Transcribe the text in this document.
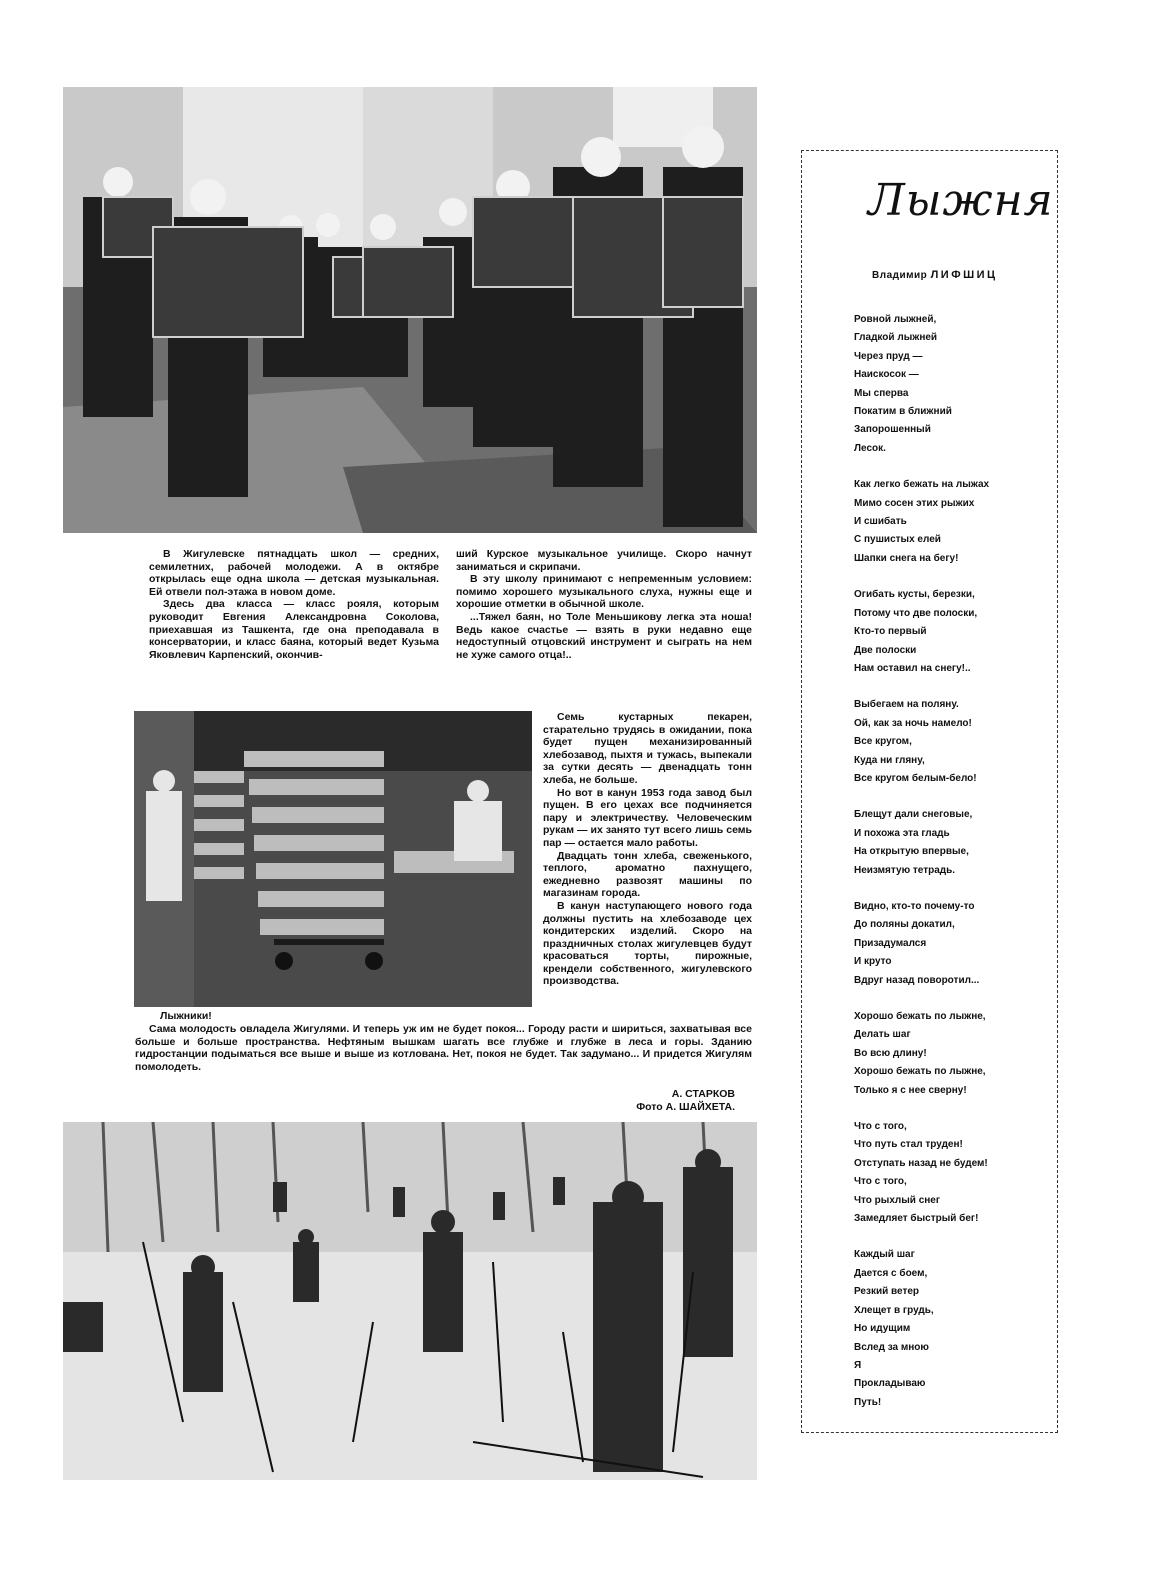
В Жигулевске пятнадцать школ — средних, семилетних, рабочей молодежи. А в октябре открылась еще одна школа — детская музыкальная. Ей отвели пол-этажа в новом доме.

Здесь два класса — класс рояля, которым руководит Евгения Александровна Соколова, приехавшая из Ташкента, где она преподавала в консерватории, и класс баяна, который ведет Кузьма Яковлевич Карпенский, окончив-

ший Курское музыкальное училище. Скоро начнут заниматься и скрипачи.

В эту школу принимают с непременным условием: помимо хорошего музыкального слуха, нужны еще и хорошие отметки в обычной школе.

...Тяжел баян, но Толе Меньшикову легка эта ноша! Ведь какое счастье — взять в руки недавно еще недоступный отцовский инструмент и сыграть на нем не хуже самого отца!..

Семь кустарных пекарен, старательно трудясь в ожидании, пока будет пущен механизированный хлебозавод, пыхтя и тужась, выпекали за сутки десять — двенадцать тонн хлеба, не больше.

Но вот в канун 1953 года завод был пущен. В его цехах все подчиняется пару и электричеству. Человеческим рукам — их занято тут всего лишь семь пар — остается мало работы.

Двадцать тонн хлеба, свеженького, теплого, ароматно пахнущего, ежедневно развозят машины по магазинам города.

В канун наступающего нового года должны пустить на хлебозаводе цех кондитерских изделий. Скоро на праздничных столах жигулевцев будут красоваться торты, пирожные, крендели собственного, жигулевского производства.

Лыжники!

Сама молодость овладела Жигулями. И теперь уж им не будет покоя... Городу расти и шириться, захватывая все больше и больше пространства. Нефтяным вышкам шагать все глубже и глубже в леса и горы. Зданию гидростанции подыматься все выше и выше из котлована. Нет, покоя не будет. Так задумано... И придется Жигулям помолодеть.

А. СТАРКОВ
Фото А. ШАЙХЕТА.
Лыжня
Владимир ЛИФШИЦ
Ровной лыжней,
Гладкой лыжней
Через пруд —
Наискосок —
Мы сперва
Покатим в ближний
Запорошенный
Лесок.
Как легко бежать на лыжах
Мимо сосен этих рыжих
И сшибать
С пушистых елей
Шапки снега на бегу!
Огибать кусты, березки,
Потому что две полоски,
Кто-то первый
Две полоски
Нам оставил на снегу!..
Выбегаем на поляну.
Ой, как за ночь намело!
Все кругом,
Куда ни гляну,
Все кругом белым-бело!
Блещут дали снеговые,
И похожа эта гладь
На открытую впервые,
Неизмятую тетрадь.
Видно, кто-то почему-то
До поляны докатил,
Призадумался
И круто
Вдруг назад поворотил...
Хорошо бежать по лыжне,
Делать шаг
Во всю длину!
Хорошо бежать по лыжне,
Только я с нее сверну!
Что с того,
Что путь стал труден!
Отступать назад не будем!
Что с того,
Что рыхлый снег
Замедляет быстрый бег!
Каждый шаг
Дается с боем,
Резкий ветер
Хлещет в грудь,
Но идущим
Вслед за мною
Я
Прокладываю
Путь!
